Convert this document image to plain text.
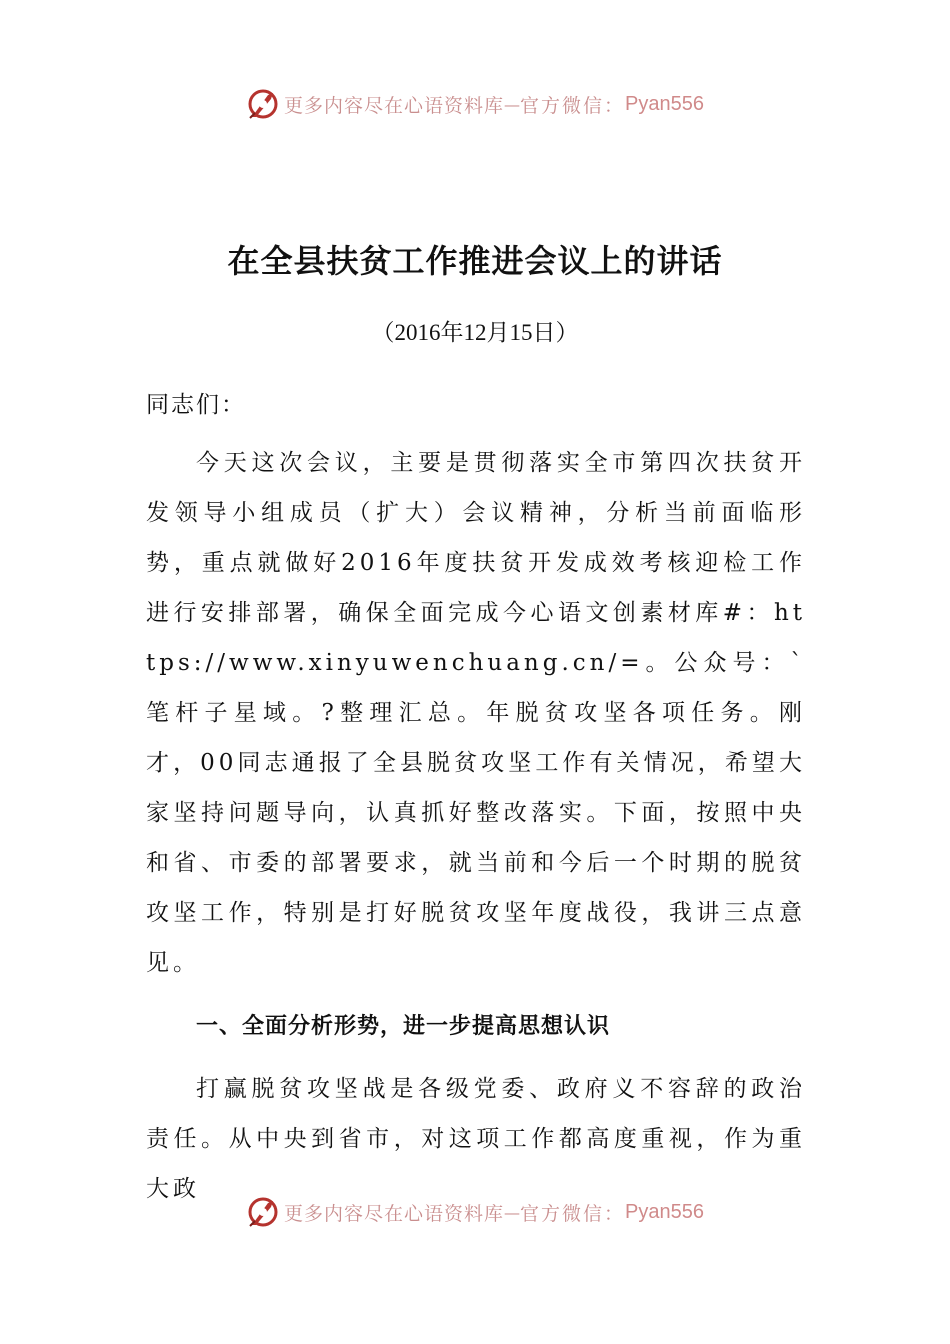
更多内容尽在心语资料库 — 官方微信： Pyan556
在全县扶贫工作推进会议上的讲话
（2016年12月15日）
同志们：

今天这次会议，主要是贯彻落实全市第四次扶贫开发领导小组成员（扩大）会议精神，分析当前面临形势，重点就做好2016年度扶贫开发成效考核迎检工作进行安排部署，确保全面完成今心语文创素材库#：https://www.xinyuwenchuang.cn/=。公众号：`笔杆子星域。?整理汇总。年脱贫攻坚各项任务。刚才，00同志通报了全县脱贫攻坚工作有关情况，希望大家坚持问题导向，认真抓好整改落实。下面，按照中央和省、市委的部署要求，就当前和今后一个时期的脱贫攻坚工作，特别是打好脱贫攻坚年度战役，我讲三点意见。

一、全面分析形势，进一步提高思想认识

打赢脱贫攻坚战是各级党委、政府义不容辞的政治责任。从中央到省市，对这项工作都高度重视，作为重大政

更多内容尽在心语资料库 — 官方微信： Pyan556
